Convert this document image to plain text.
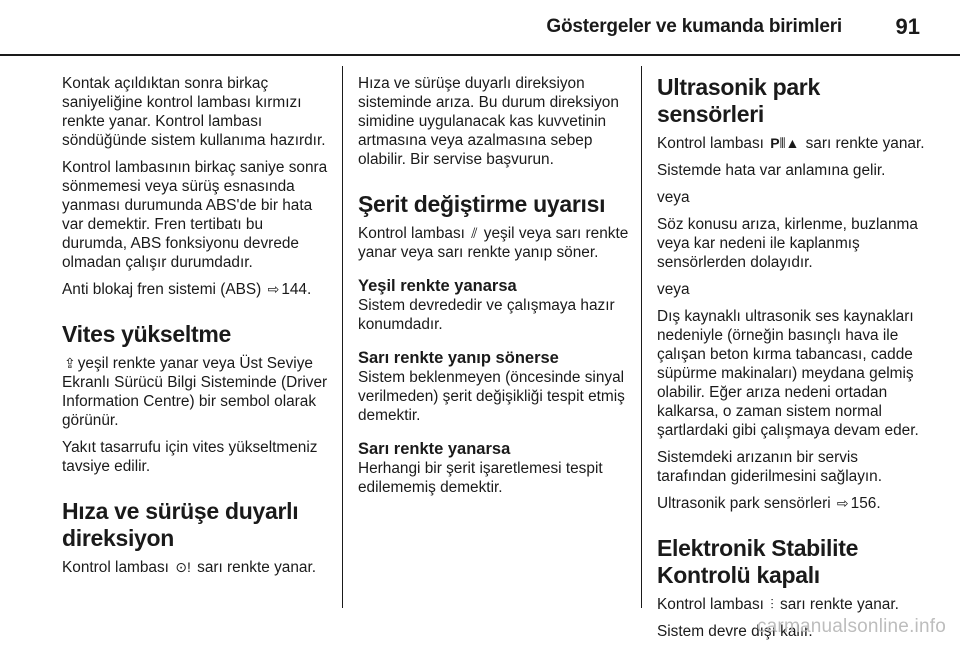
Göstergeler ve kumanda birimleri 91

Kontak açıldıktan sonra birkaç saniyeliğine kontrol lambası kırmızı renkte yanar. Kontrol lambası söndüğünde sistem kullanıma hazırdır.

Kontrol lambasının birkaç saniye sonra sönmemesi veya sürüş esnasında yanması durumunda ABS'de bir hata var demektir. Fren tertibatı bu durumda, ABS fonksiyonu devrede olmadan çalışır durumdadır.

Anti blokaj fren sistemi (ABS) ⇨ 144.

Vites yükseltme

⇪ yeşil renkte yanar veya Üst Seviye Ekranlı Sürücü Bilgi Sisteminde (Driver Information Centre) bir sembol olarak görünür.

Yakıt tasarrufu için vites yükseltmeniz tavsiye edilir.

Hıza ve sürüşe duyarlı direksiyon

Kontrol lambası ⊙! sarı renkte yanar.

Hıza ve sürüşe duyarlı direksiyon sisteminde arıza. Bu durum direksiyon simidine uygulanacak kas kuvvetinin artmasına veya azalmasına sebep olabilir. Bir servise başvurun.

Şerit değiştirme uyarısı

Kontrol lambası ⫽ yeşil veya sarı renkte yanar veya sarı renkte yanıp söner.

Yeşil renkte yanarsa

Sistem devrededir ve çalışmaya hazır konumdadır.

Sarı renkte yanıp sönerse

Sistem beklenmeyen (öncesinde sinyal verilmeden) şerit değişikliği tespit etmiş demektir.

Sarı renkte yanarsa

Herhangi bir şerit işaretlemesi tespit edilememiş demektir.

Ultrasonik park sensörleri

Kontrol lambası P⫴▲ sarı renkte yanar.

Sistemde hata var anlamına gelir.

veya

Söz konusu arıza, kirlenme, buzlanma veya kar nedeni ile kaplanmış sensörlerden dolayıdır.

veya

Dış kaynaklı ultrasonik ses kaynakları nedeniyle (örneğin basınçlı hava ile çalışan beton kırma tabancası, cadde süpürme makinaları) meydana gelmiş olabilir. Eğer arıza nedeni ortadan kalkarsa, o zaman sistem normal şartlardaki gibi çalışmaya devam eder.

Sistemdeki arızanın bir servis tarafından giderilmesini sağlayın.

Ultrasonik park sensörleri ⇨ 156.

Elektronik Stabilite Kontrolü kapalı

Kontrol lambası ⫶ sarı renkte yanar.

Sistem devre dışı kalır.

carmanualsonline.info
